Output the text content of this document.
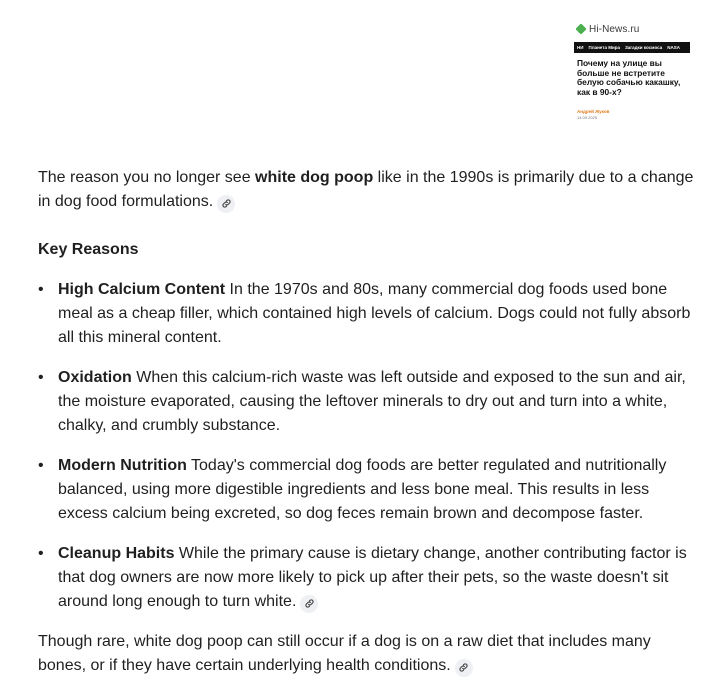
Hi-News.ru
НИ Планета Мира Загадки космоса NASA
Почему на улице вы больше не встретите белую собачью какашку, как в 90-х?
Андрей Жуков
14.09.2025

The reason you no longer see white dog poop like in the 1990s is primarily due to a change in dog food formulations.

Key Reasons

• High Calcium Content In the 1970s and 80s, many commercial dog foods used bone meal as a cheap filler, which contained high levels of calcium. Dogs could not fully absorb all this mineral content.
• Oxidation When this calcium-rich waste was left outside and exposed to the sun and air, the moisture evaporated, causing the leftover minerals to dry out and turn into a white, chalky, and crumbly substance.
• Modern Nutrition Today's commercial dog foods are better regulated and nutritionally balanced, using more digestible ingredients and less bone meal. This results in less excess calcium being excreted, so dog feces remain brown and decompose faster.
• Cleanup Habits While the primary cause is dietary change, another contributing factor is that dog owners are now more likely to pick up after their pets, so the waste doesn't sit around long enough to turn white.

Though rare, white dog poop can still occur if a dog is on a raw diet that includes many bones, or if they have certain underlying health conditions.
